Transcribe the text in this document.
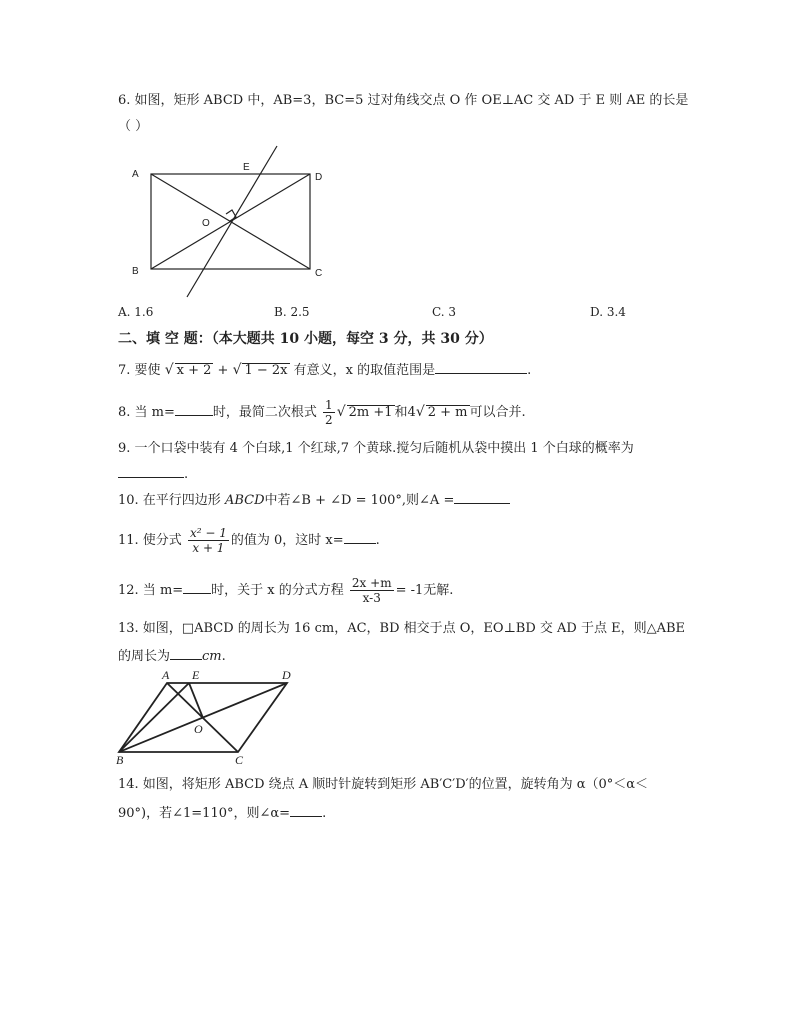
6. 如图，矩形 ABCD 中，AB=3，BC=5 过对角线交点 O 作 OE⊥AC 交 AD 于 E 则 AE 的长是
（ ）
A
E
D
O
B	C
A. 1.6	B. 2.5	C. 3	D. 3.4
二、填 空 题：（本大题共 10 小题，每空 3 分，共 30 分）
7. 要使 √ x + 2 + √ 1 − 2x 有意义，x 的取值范围是	.
8. 当 m=	时，最简二次根式 $\frac{1}{2}$ √ 2m +1 和4√ 2 + m 可以合并.
9. 一个口袋中装有 4 个白球,1 个红球,7 个黄球.搅匀后随机从袋中摸出 1 个白球的概率为
.
10. 在平行四边形 ABCD中若∠B + ∠D = 100°,则∠A =
11. 使分式 $\frac{\text{x² − 1}}{x + 1}$ 的值为 0，这时 x= .
12. 当 m= 时，关于 x 的分式方程 $\frac{2x +m}{x-3} = -1$无解.
13. 如图，□ABCD 的周长为 16 cm，AC，BD 相交于点 O，EO⊥BD 交 AD 于点 E，则△ABE
的周长为 cm.
A E	D
O
B	C
14. 如图，将矩形 ABCD 绕点 A 顺时针旋转到矩形 AB′C′D′的位置，旋转角为 α（0°＜α＜
90°)，若∠1=110°，则∠α= .
